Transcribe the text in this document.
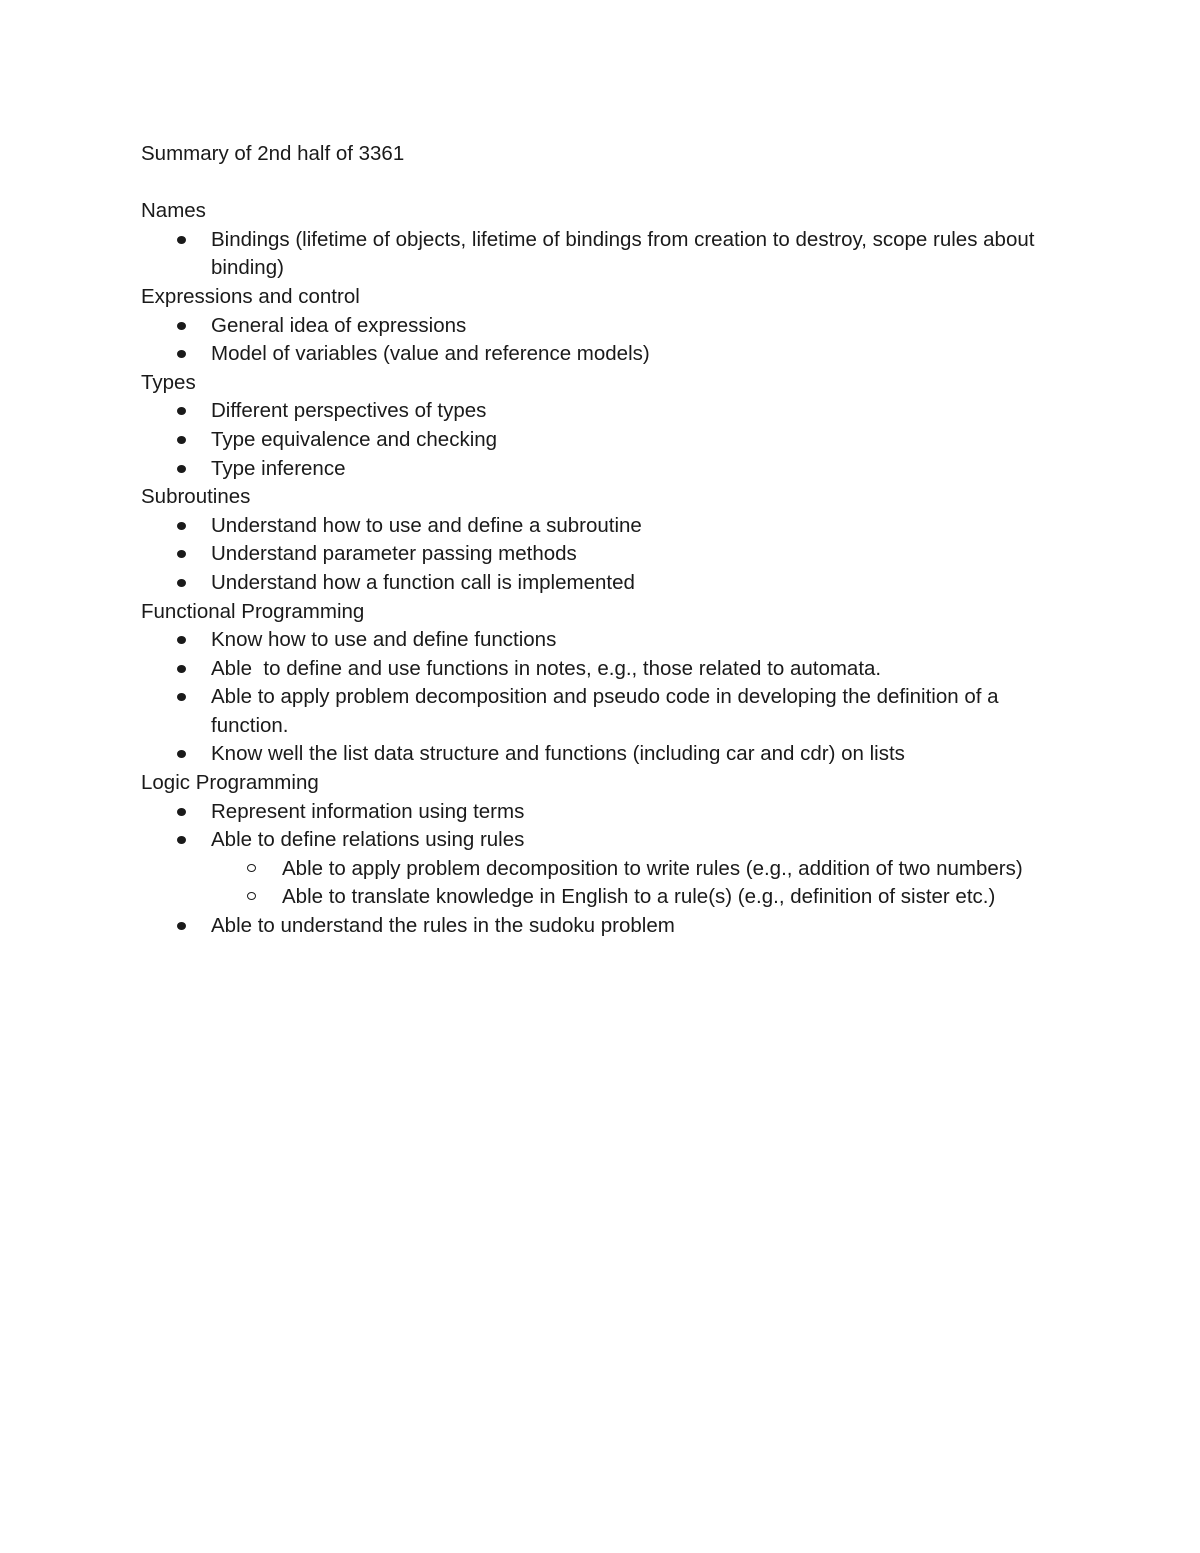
Summary of 2nd half of 3361

Names

Bindings (lifetime of objects, lifetime of bindings from creation to destroy, scope rules about binding)

Expressions and control

General idea of expressions
Model of variables (value and reference models)

Types

Different perspectives of types
Type equivalence and checking
Type inference

Subroutines

Understand how to use and define a subroutine
Understand parameter passing methods
Understand how a function call is implemented

Functional Programming

Know how to use and define functions
Able  to define and use functions in notes, e.g., those related to automata.
Able to apply problem decomposition and pseudo code in developing the definition of a function.
Know well the list data structure and functions (including car and cdr) on lists

Logic Programming

Represent information using terms
Able to define relations using rules
Able to apply problem decomposition to write rules (e.g., addition of two numbers)
Able to translate knowledge in English to a rule(s) (e.g., definition of sister etc.)
Able to understand the rules in the sudoku problem
